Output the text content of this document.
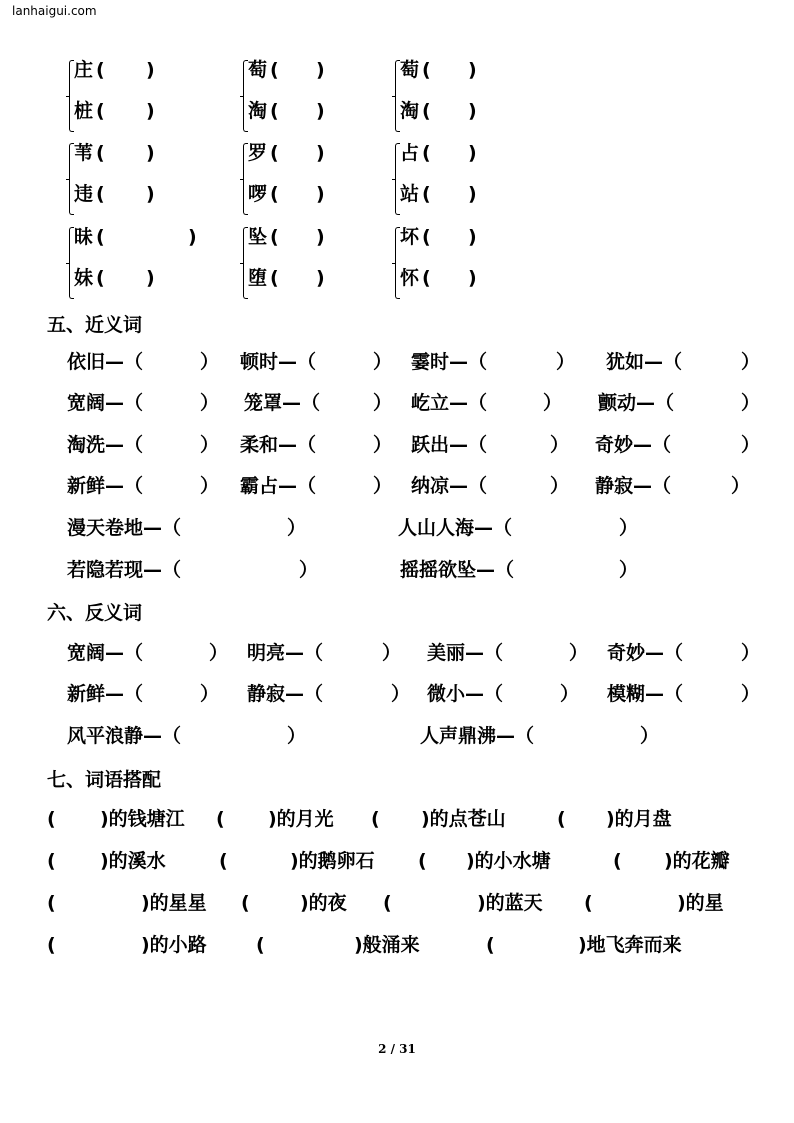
lanhaigui.com
庄 ( )
桩 ( )
萄 ( )
淘 ( )
萄 ( )
淘 ( )
苇 ( )
违 ( )
罗 ( )
啰 ( )
占 ( )
站 ( )
昧 (	)
妹 ( )
坠 ( )
堕 ( )
坏 ( )
怀 ( )
五、近义词
依旧—（	） 顿时—（	） 霎时—（	） 犹如—（	）
宽阔—（	） 笼罩—（	） 屹立—（	） 颤动—（	）
淘洗—（	） 柔和—（	） 跃出—（	） 奇妙—（	）
新鲜—（	） 霸占—（	） 纳凉—（	） 静寂—（	）
漫天卷地—（	）	人山人海—（	）
若隐若现—（	）	摇摇欲坠—（	）
六、反义词
宽阔—（	） 明亮—（	） 美丽—（	） 奇妙—（	）
新鲜—（	） 静寂—（	） 微小—（	） 模糊—（	）
风平浪静—（	）	人声鼎沸—（	）
七、词语搭配
( )的钱塘江 ( )的月光 ( )的点苍山	( )的月盘
( )的溪水	(	)的鹅卵石 ( )的小水塘	( )的花瓣
(	)的星星 (	)的夜 (	)的蓝天 (	)的星
(	)的小路	(	)般涌来	(	)地飞奔而来
2 / 31
